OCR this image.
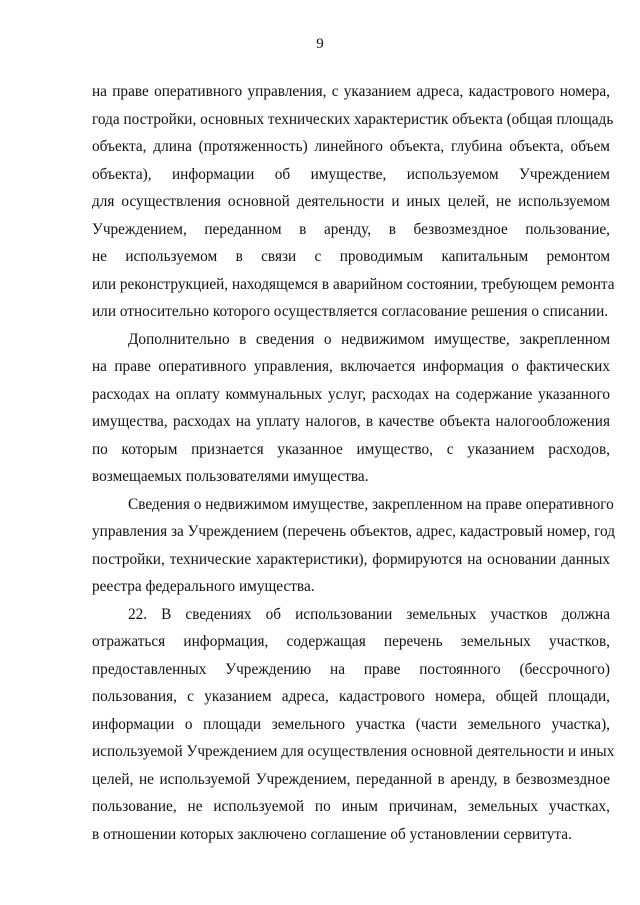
9
на праве оперативного управления, с указанием адреса, кадастрового номера,
года постройки, основных технических характеристик объекта (общая площадь
объекта, длина (протяженность) линейного объекта, глубина объекта, объем
объекта), информации об имуществе, используемом Учреждением
для осуществления основной деятельности и иных целей, не используемом
Учреждением, переданном в аренду, в безвозмездное пользование,
не используемом в связи с проводимым капитальным ремонтом
или реконструкцией, находящемся в аварийном состоянии, требующем ремонта
или относительно которого осуществляется согласование решения о списании.
Дополнительно в сведения о недвижимом имуществе, закрепленном
на праве оперативного управления, включается информация о фактических
расходах на оплату коммунальных услуг, расходах на содержание указанного
имущества, расходах на уплату налогов, в качестве объекта налогообложения
по которым признается указанное имущество, с указанием расходов,
возмещаемых пользователями имущества.
Сведения о недвижимом имуществе, закрепленном на праве оперативного
управления за Учреждением (перечень объектов, адрес, кадастровый номер, год
постройки, технические характеристики), формируются на основании данных
реестра федерального имущества.
22. В сведениях об использовании земельных участков должна
отражаться информация, содержащая перечень земельных участков,
предоставленных Учреждению на праве постоянного (бессрочного)
пользования, с указанием адреса, кадастрового номера, общей площади,
информации о площади земельного участка (части земельного участка),
используемой Учреждением для осуществления основной деятельности и иных
целей, не используемой Учреждением, переданной в аренду, в безвозмездное
пользование, не используемой по иным причинам, земельных участках,
в отношении которых заключено соглашение об установлении сервитута.
